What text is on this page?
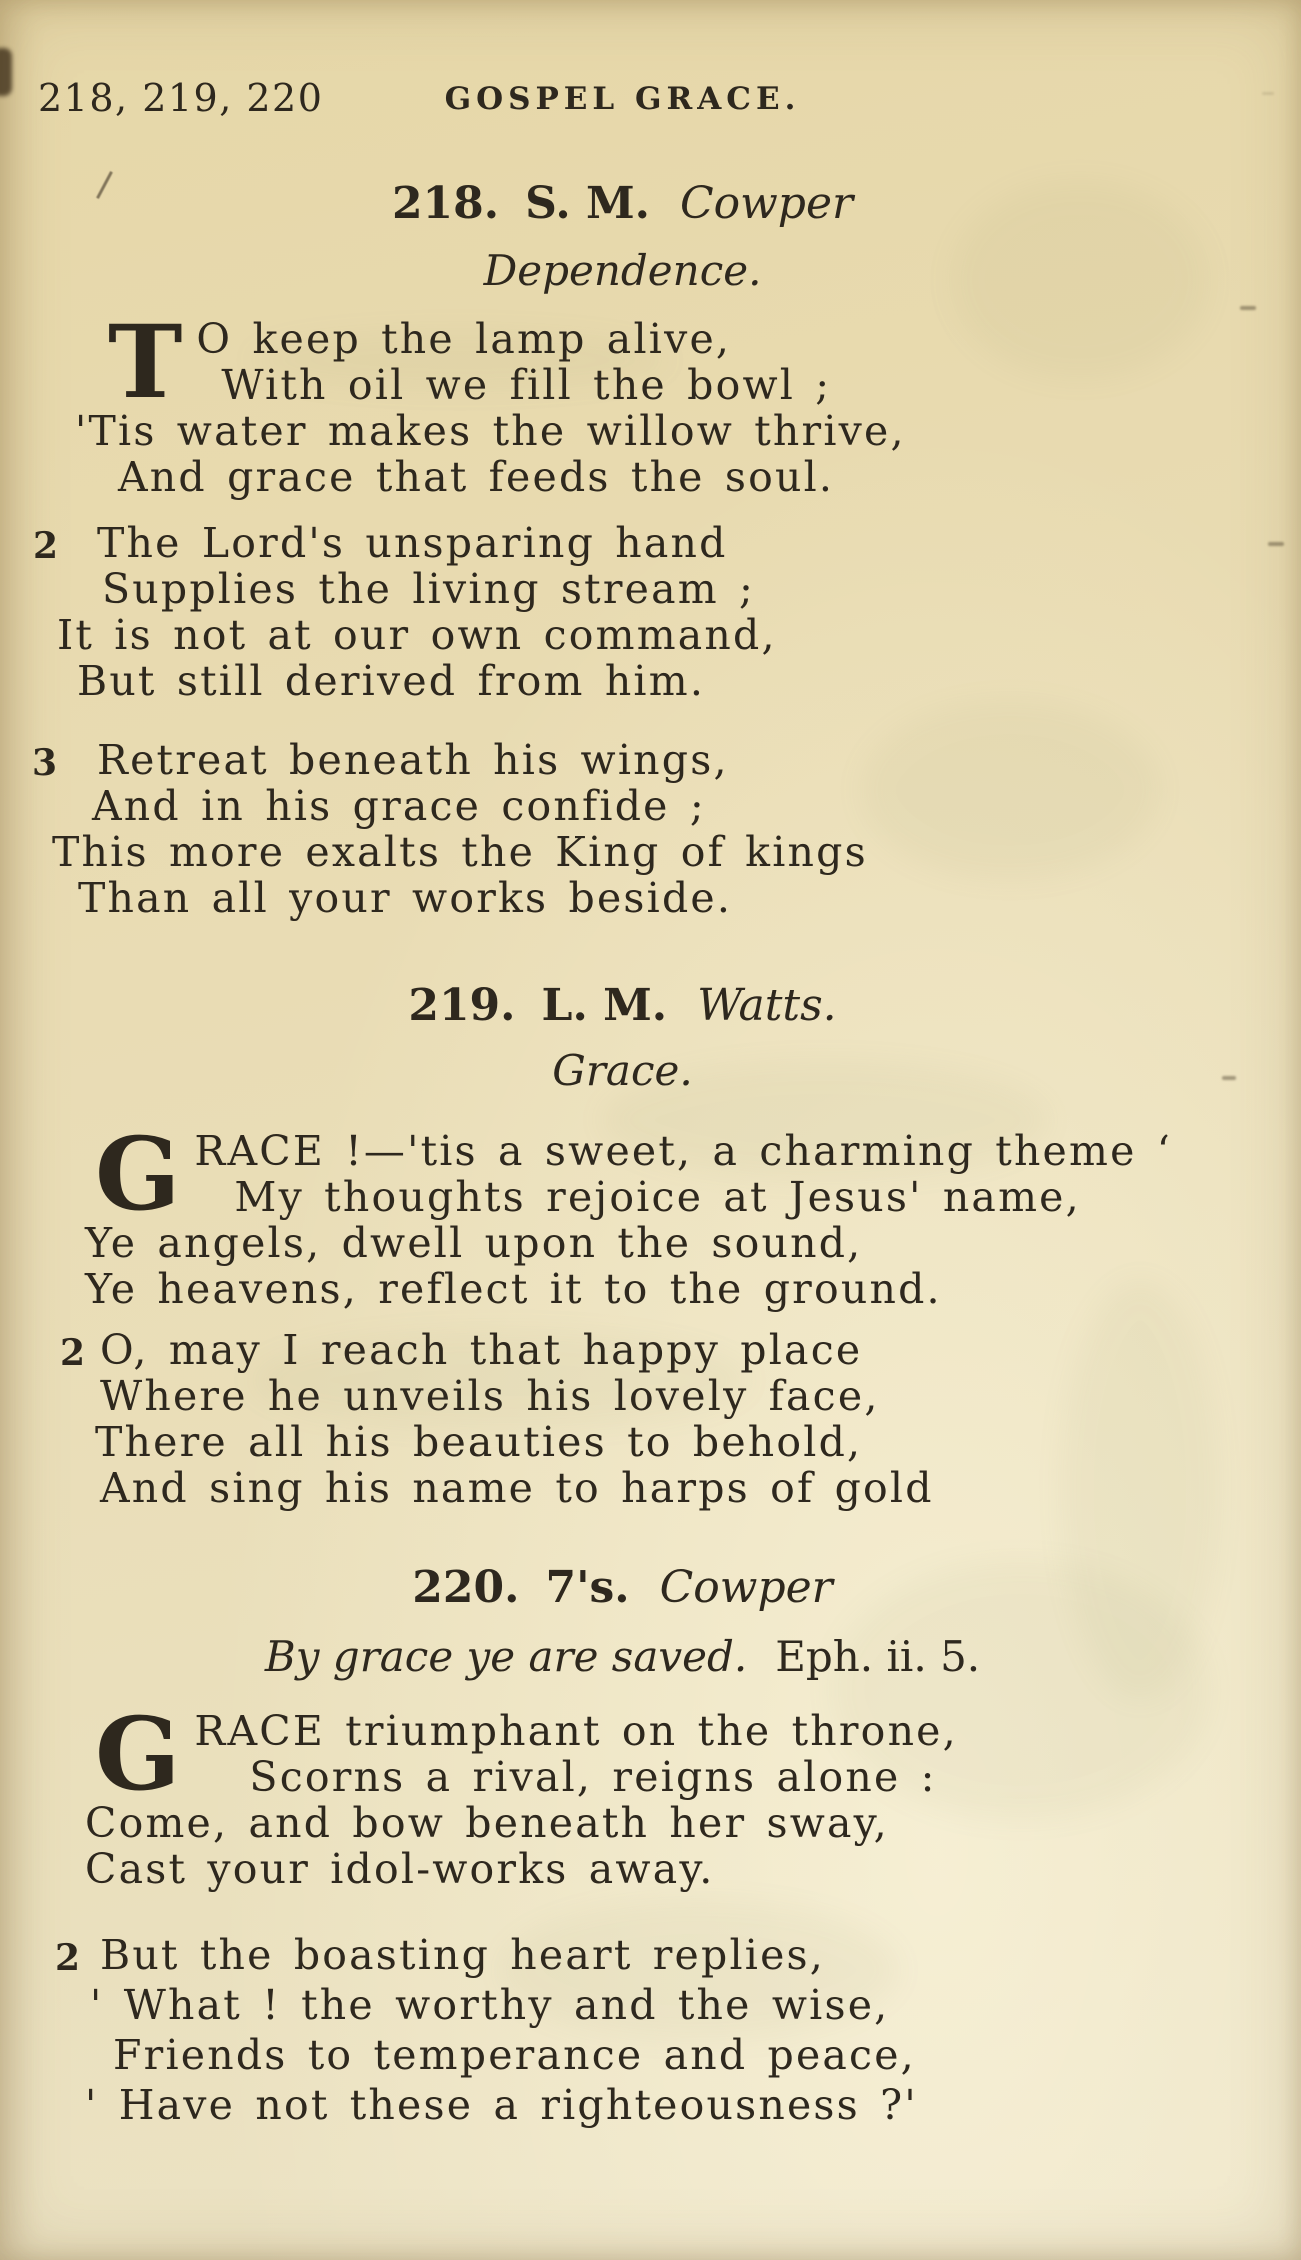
218, 219, 220	GOSPEL GRACE.
218. S. M. Cowper
Dependence.
T O keep the lamp alive,
With oil we fill the bowl ;
'Tis water makes the willow thrive,
And grace that feeds the soul.
2 The Lord's unsparing hand
Supplies the living stream ;
It is not at our own command,
But still derived from him.
3 Retreat beneath his wings,
And in his grace confide ;
This more exalts the King of kings
Than all your works beside.
219. L. M. Watts.
Grace.
G RACE !—'tis a sweet, a charming theme ‘
My thoughts rejoice at Jesus' name,
Ye angels, dwell upon the sound,
Ye heavens, reflect it to the ground.
2 O, may I reach that happy place
Where he unveils his lovely face,
There all his beauties to behold,
And sing his name to harps of gold
220. 7's. Cowper
By grace ye are saved. Eph. ii. 5.
G RACE triumphant on the throne,
Scorns a rival, reigns alone :
Come, and bow beneath her sway,
Cast your idol-works away.
2 But the boasting heart replies,
' What ! the worthy and the wise,
Friends to temperance and peace,
' Have not these a righteousness ?'
